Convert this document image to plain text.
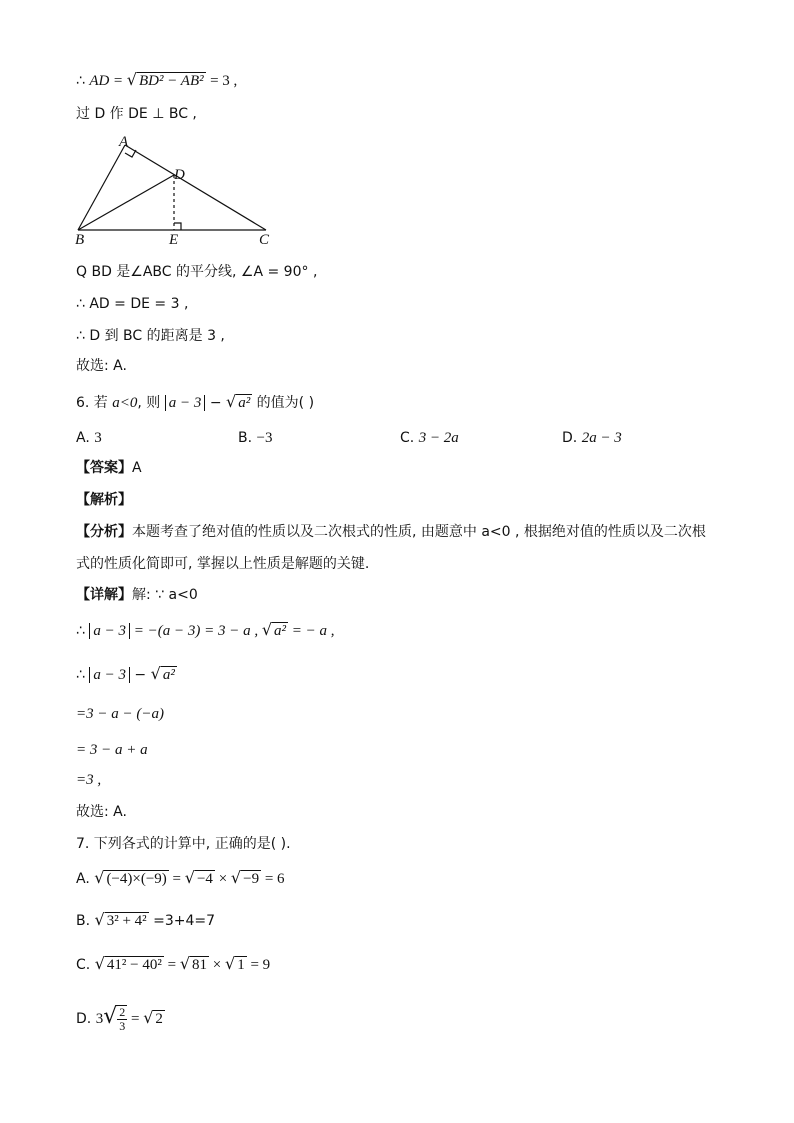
∴ AD = √ BD² − AB² = 3 ,
过 D 作 DE ⊥ BC ,
A
D
B	E	C
Q BD 是∠ABC 的平分线, ∠A = 90° ,
∴ AD = DE = 3 ,
∴ D 到 BC 的距离是 3 ,
故选: A.
6. 若 a<0, 则 a − 3 − √ a² 的值为( )
A. 3	B. −3	C. 3 − 2a	D. 2a − 3
【答案】A
【解析】
【分析】本题考查了绝对值的性质以及二次根式的性质, 由题意中 a<0 , 根据绝对值的性质以及二次根
式的性质化简即可, 掌握以上性质是解题的关键.
【详解】解: ∵ a<0
∴ a − 3 = −(a − 3) = 3 − a , √ a² = − a ,
∴ a − 3 − √ a²
=3 − a − (−a)
= 3 − a + a
=3 ,
故选: A.
7. 下列各式的计算中, 正确的是( ).
A. √ (−4)×(−9) = √ −4 × √ −9 = 6
B. √ 3² + 4² =3+4=7
C. √ 41² − 40² = √ 81 × √ 1 = 9
D. $3√ \frac{2}{3}$ = √ 2
